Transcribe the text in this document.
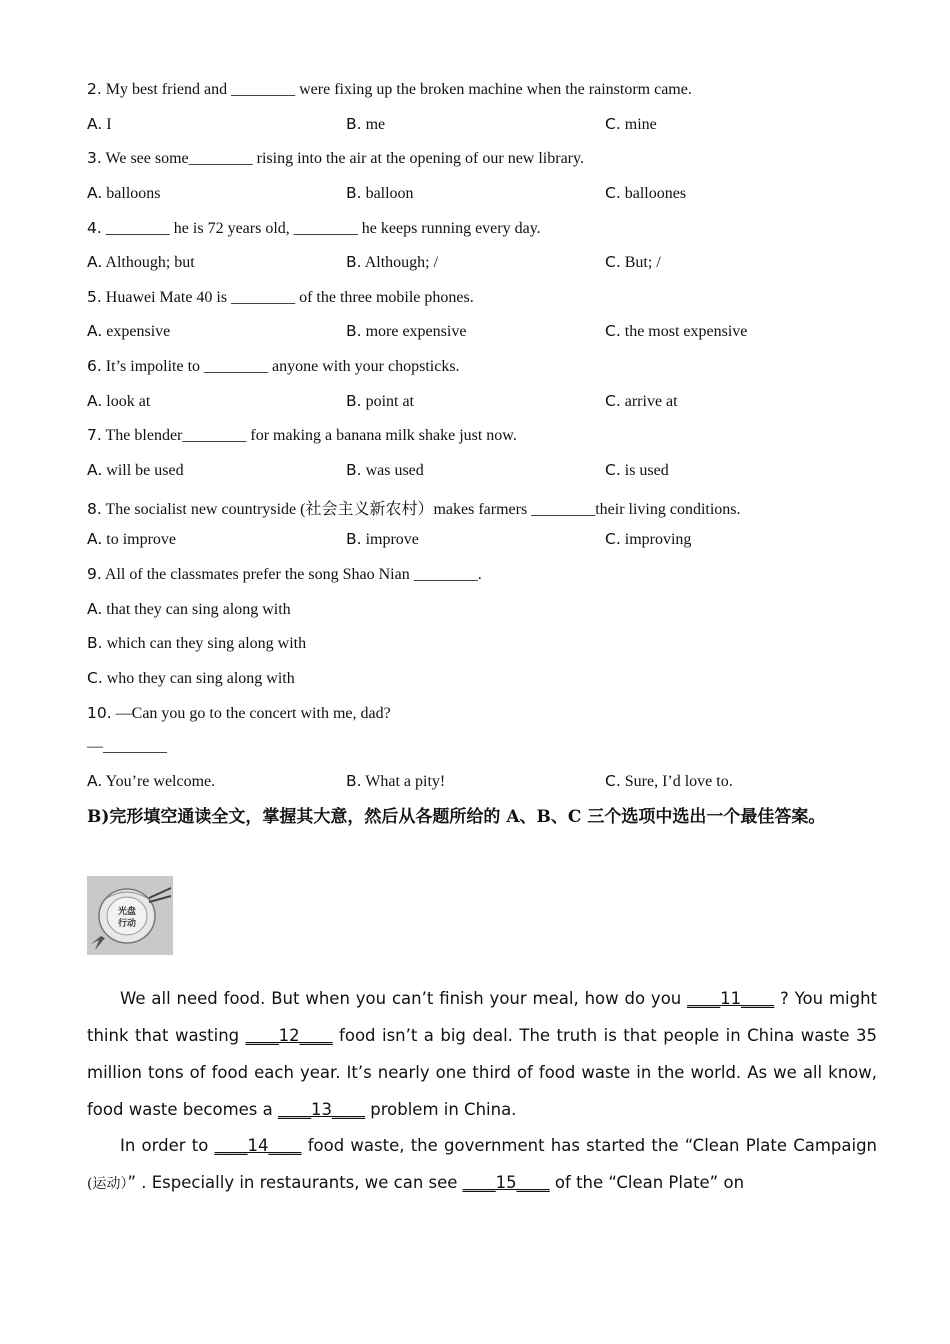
2. My best friend and ________ were fixing up the broken machine when the rainstorm came.
A. I	B. me	C. mine
3. We see some________ rising into the air at the opening of our new library.
A. balloons	B. balloon	C. balloones
4. ________ he is 72 years old, ________ he keeps running every day.
A. Although; but	B. Although; /	C. But; /
5. Huawei Mate 40 is ________ of the three mobile phones.
A. expensive	B. more expensive	C. the most expensive
6. It’s impolite to ________ anyone with your chopsticks.
A. look at	B. point at	C. arrive at
7. The blender________ for making a banana milk shake just now.
A. will be used	B. was used	C. is used
8. The socialist new countryside (社会主义新农村）makes farmers ________their living conditions.
A. to improve	B. improve	C. improving
9. All of the classmates prefer the song Shao Nian ________.
A. that they can sing along with
B. which can they sing along with
C. who they can sing along with
10. —Can you go to the concert with me, dad?
—________
A. You’re welcome.	B. What a pity!	C. Sure, I’d love to.
B)完形填空通读全文，掌握其大意，然后从各题所给的 A、B、C 三个选项中选出一个最佳答案。
光盘
行动
We all need food. But when you can’t finish your meal, how do you ____11____ ? You might think that wasting ____12____ food isn’t a big deal. The truth is that people in China waste 35 million tons of food each year. It’s nearly one third of food waste in the world. As we all know, food waste becomes a ____13____ problem in China.
In order to ____14____ food waste, the government has started the “Clean Plate Campaign (运动）” . Especially in restaurants, we can see ____15____ of the “Clean Plate” on
